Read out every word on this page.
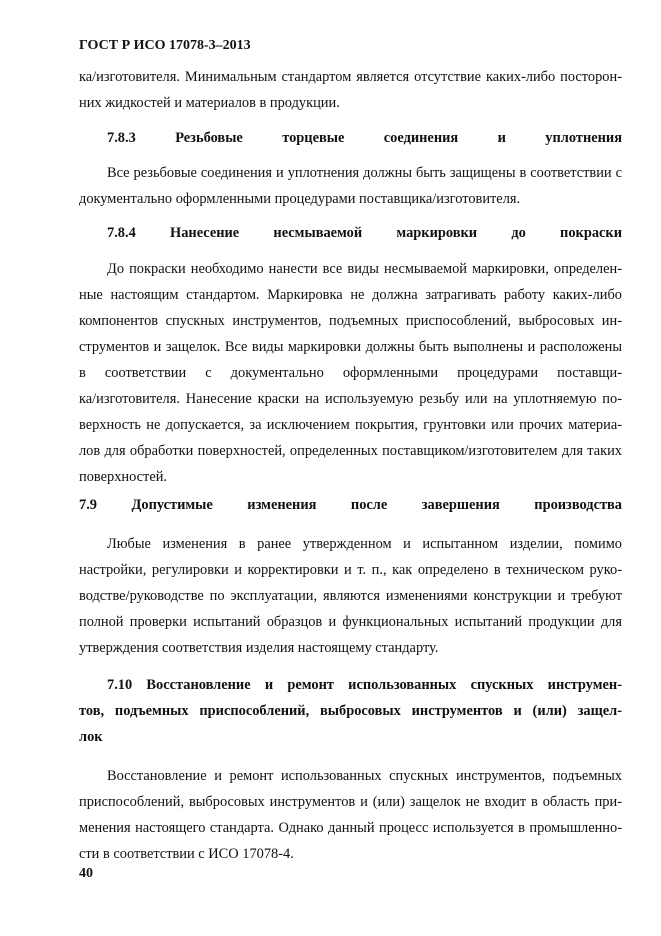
ГОСТ Р ИСО 17078-3–2013
ка/изготовителя. Минимальным стандартом является отсутствие каких-либо посторон-
них жидкостей и материалов в продукции.
7.8.3 Резьбовые торцевые соединения и уплотнения
Все резьбовые соединения и уплотнения должны быть защищены в соответствии с
документально оформленными процедурами поставщика/изготовителя.
7.8.4 Нанесение несмываемой маркировки до покраски
До покраски необходимо нанести все виды несмываемой маркировки, определен-
ные настоящим стандартом. Маркировка не должна затрагивать работу каких-либо
компонентов спускных инструментов, подъемных приспособлений, выбросовых ин-
струментов и защелок. Все виды маркировки должны быть выполнены и расположены
в соответствии с документально оформленными процедурами поставщи-
ка/изготовителя. Нанесение краски на используемую резьбу или на уплотняемую по-
верхность не допускается, за исключением покрытия, грунтовки или прочих материа-
лов для обработки поверхностей, определенных поставщиком/изготовителем для таких
поверхностей.
7.9 Допустимые изменения после завершения производства
Любые изменения в ранее утвержденном и испытанном изделии, помимо
настройки, регулировки и корректировки и т. п., как определено в техническом руко-
водстве/руководстве по эксплуатации, являются изменениями конструкции и требуют
полной проверки испытаний образцов и функциональных испытаний продукции для
утверждения соответствия изделия настоящему стандарту.
7.10 Восстановление и ремонт использованных спускных инструмен-
тов, подъемных приспособлений, выбросовых инструментов и (или) защел-
лок
Восстановление и ремонт использованных спускных инструментов, подъемных
приспособлений, выбросовых инструментов и (или) защелок не входит в область при-
менения настоящего стандарта. Однако данный процесс используется в промышленно-
сти в соответствии с ИСО 17078-4.
40
